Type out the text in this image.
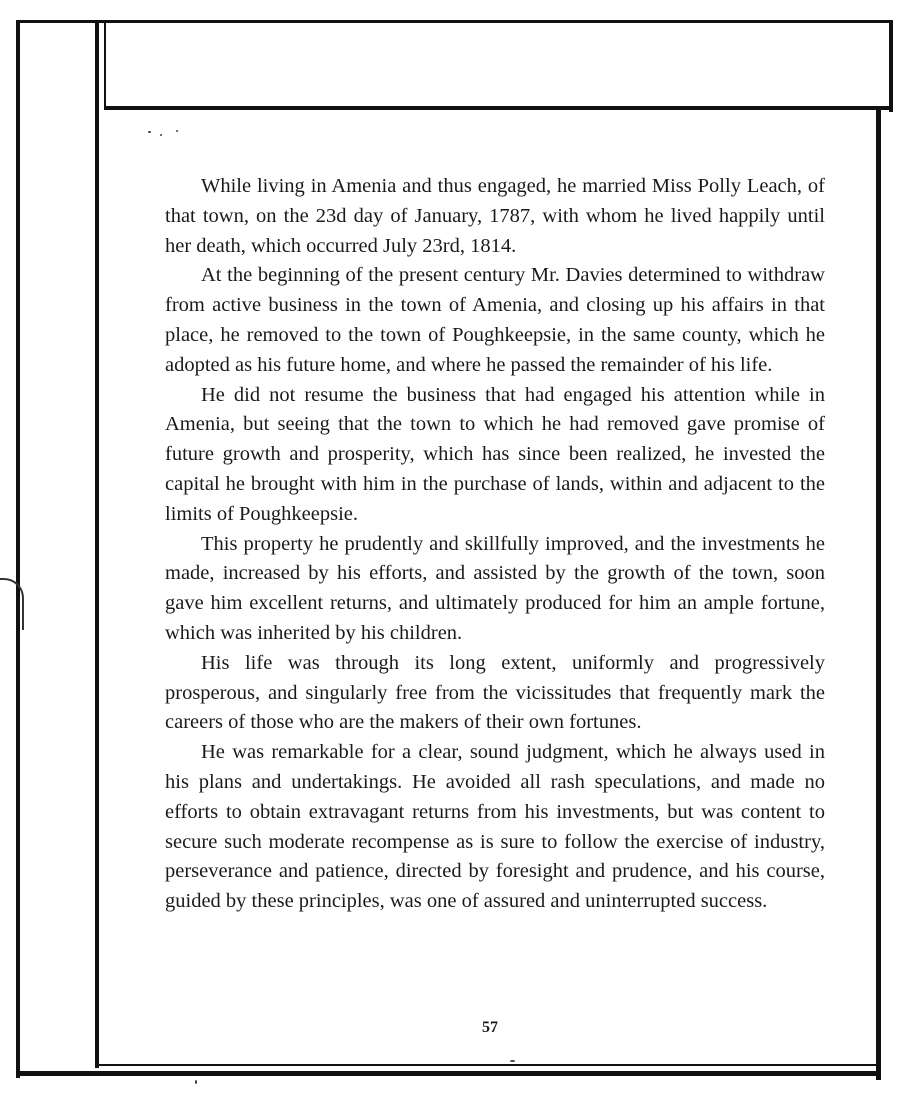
While living in Amenia and thus engaged, he married Miss Polly Leach, of that town, on the 23d day of January, 1787, with whom he lived happily until her death, which occurred July 23rd, 1814.

At the beginning of the present century Mr. Davies determined to withdraw from active business in the town of Amenia, and closing up his affairs in that place, he removed to the town of Poughkeepsie, in the same county, which he adopted as his future home, and where he passed the remainder of his life.

He did not resume the business that had engaged his attention while in Amenia, but seeing that the town to which he had removed gave promise of future growth and prosperity, which has since been realized, he invested the capital he brought with him in the purchase of lands, within and adjacent to the limits of Poughkeepsie.

This property he prudently and skillfully improved, and the investments he made, increased by his efforts, and assisted by the growth of the town, soon gave him excellent returns, and ultimately produced for him an ample fortune, which was inherited by his children.

His life was through its long extent, uniformly and progressively prosperous, and singularly free from the vicissitudes that frequently mark the careers of those who are the makers of their own fortunes.

He was remarkable for a clear, sound judgment, which he always used in his plans and undertakings. He avoided all rash speculations, and made no efforts to obtain extravagant returns from his investments, but was content to secure such moderate recompense as is sure to follow the exercise of industry, perseverance and patience, directed by foresight and prudence, and his course, guided by these principles, was one of assured and uninterrupted success.

57
